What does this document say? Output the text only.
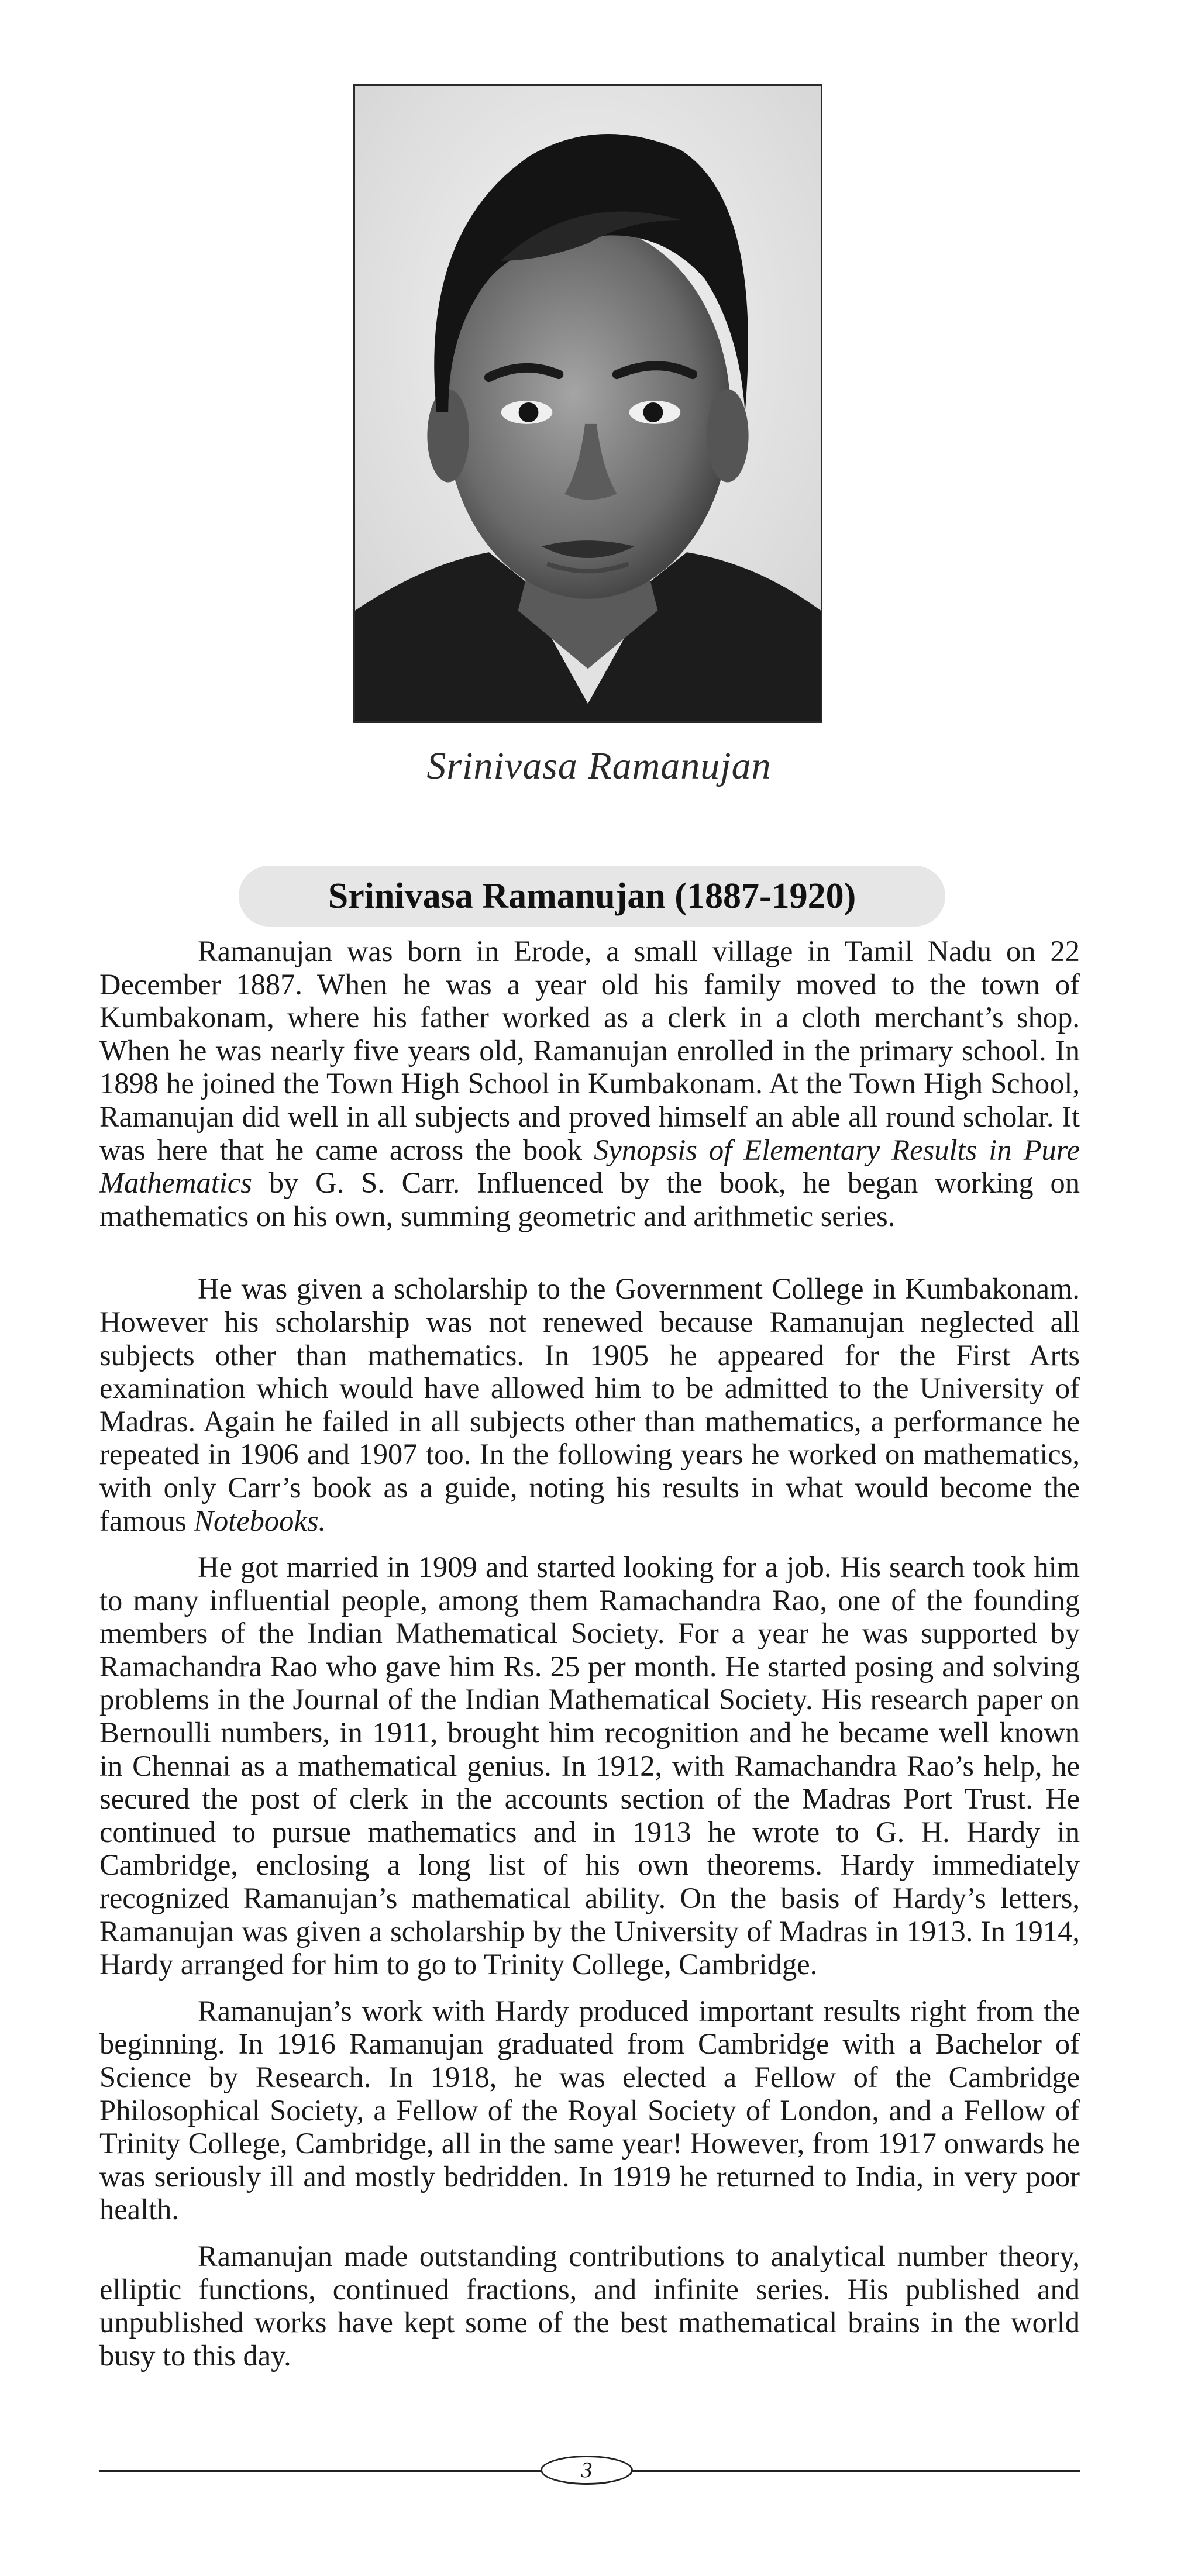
Srinivasa Ramanujan
Srinivasa Ramanujan (1887-1920)

Ramanujan was born in Erode, a small village in Tamil Nadu on 22 December 1887. When he was a year old his family moved to the town of Kumbakonam, where his father worked as a clerk in a cloth merchant’s shop. When he was nearly five years old, Ramanujan enrolled in the primary school. In 1898 he joined the Town High School in Kumbakonam. At the Town High School, Ramanujan did well in all subjects and proved himself an able all round scholar. It was here that he came across the book Synopsis of Elementary Results in Pure Mathematics by G. S. Carr. Influenced by the book, he began working on mathematics on his own, summing geometric and arithmetic series.

He was given a scholarship to the Government College in Kumbakonam. However his scholarship was not renewed because Ramanujan neglected all subjects other than mathematics. In 1905 he appeared for the First Arts examination which would have allowed him to be admitted to the University of Madras. Again he failed in all subjects other than mathematics, a performance he repeated in 1906 and 1907 too. In the following years he worked on mathematics, with only Carr’s book as a guide, noting his results in what would become the famous Notebooks.

He got married in 1909 and started looking for a job. His search took him to many influential people, among them Ramachandra Rao, one of the founding members of the Indian Mathematical Society. For a year he was supported by Ramachandra Rao who gave him Rs. 25 per month. He started posing and solving problems in the Journal of the Indian Mathematical Society. His research paper on Bernoulli numbers, in 1911, brought him recognition and he became well known in Chennai as a mathematical genius. In 1912, with Ramachandra Rao’s help, he secured the post of clerk in the accounts section of the Madras Port Trust. He continued to pursue mathematics and in 1913 he wrote to G. H. Hardy in Cambridge, enclosing a long list of his own theorems. Hardy immediately recognized Ramanujan’s mathematical ability. On the basis of Hardy’s letters, Ramanujan was given a scholarship by the University of Madras in 1913. In 1914, Hardy arranged for him to go to Trinity College, Cambridge.

Ramanujan’s work with Hardy produced important results right from the beginning. In 1916 Ramanujan graduated from Cambridge with a Bachelor of Science by Research. In 1918, he was elected a Fellow of the Cambridge Philosophical Society, a Fellow of the Royal Society of London, and a Fellow of Trinity College, Cambridge, all in the same year! However, from 1917 onwards he was seriously ill and mostly bedridden. In 1919 he returned to India, in very poor health.

Ramanujan made outstanding contributions to analytical number theory, elliptic functions, continued fractions, and infinite series. His published and unpublished works have kept some of the best mathematical brains in the world busy to this day.

3
